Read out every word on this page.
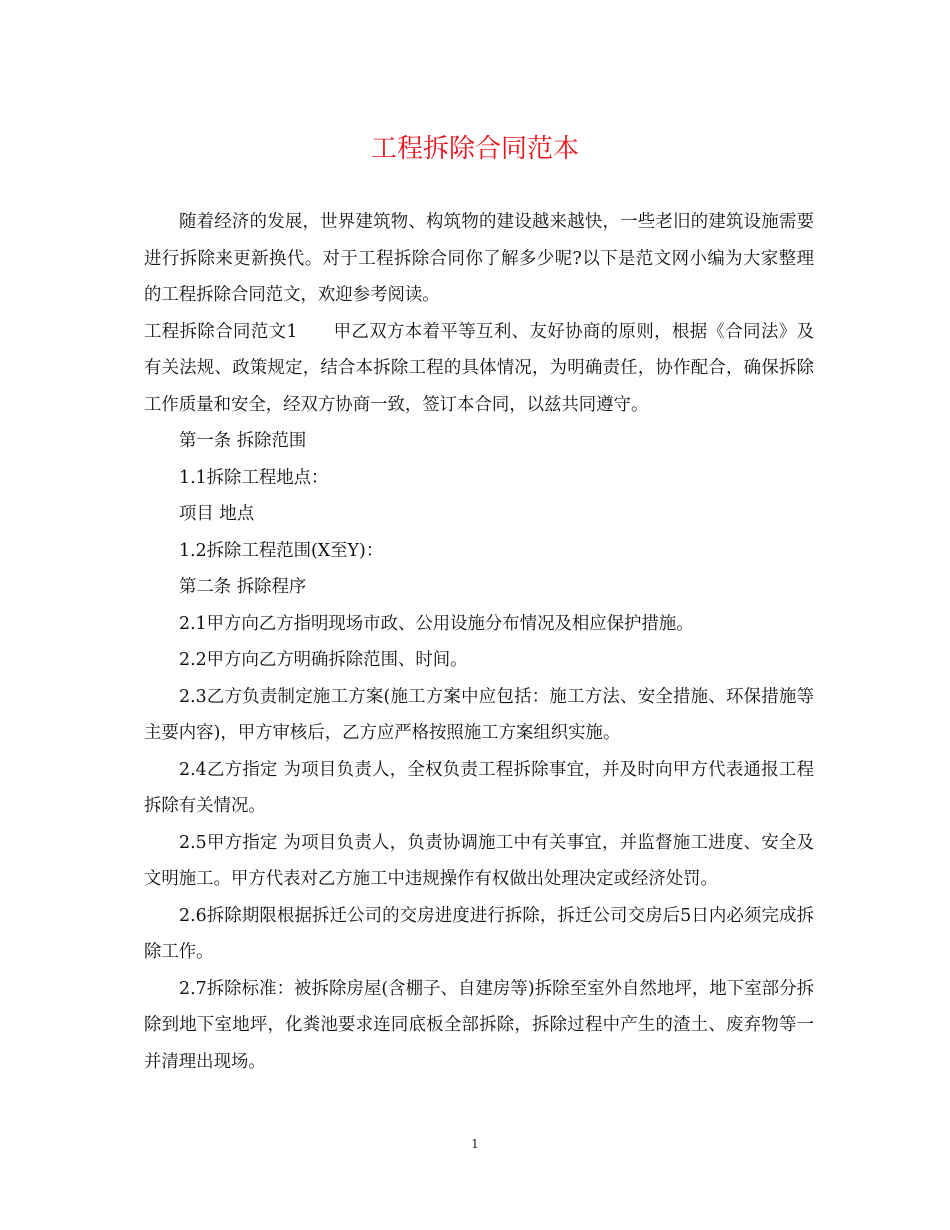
工程拆除合同范本

随着经济的发展，世界建筑物、构筑物的建设越来越快，一些老旧的建筑设施需要进行拆除来更新换代。对于工程拆除合同你了解多少呢?以下是范文网小编为大家整理的工程拆除合同范文，欢迎参考阅读。

工程拆除合同范文1　　甲乙双方本着平等互利、友好协商的原则，根据《合同法》及有关法规、政策规定，结合本拆除工程的具体情况，为明确责任，协作配合，确保拆除工作质量和安全，经双方协商一致，签订本合同，以兹共同遵守。

第一条 拆除范围

1.1拆除工程地点：

项目 地点

1.2拆除工程范围(X至Y)：

第二条 拆除程序

2.1甲方向乙方指明现场市政、公用设施分布情况及相应保护措施。

2.2甲方向乙方明确拆除范围、时间。

2.3乙方负责制定施工方案(施工方案中应包括：施工方法、安全措施、环保措施等主要内容)，甲方审核后，乙方应严格按照施工方案组织实施。

2.4乙方指定 为项目负责人，全权负责工程拆除事宜，并及时向甲方代表通报工程拆除有关情况。

2.5甲方指定 为项目负责人，负责协调施工中有关事宜，并监督施工进度、安全及文明施工。甲方代表对乙方施工中违规操作有权做出处理决定或经济处罚。

2.6拆除期限根据拆迁公司的交房进度进行拆除，拆迁公司交房后5日内必须完成拆除工作。

2.7拆除标准：被拆除房屋(含棚子、自建房等)拆除至室外自然地坪，地下室部分拆除到地下室地坪，化粪池要求连同底板全部拆除，拆除过程中产生的渣土、废弃物等一并清理出现场。

1
